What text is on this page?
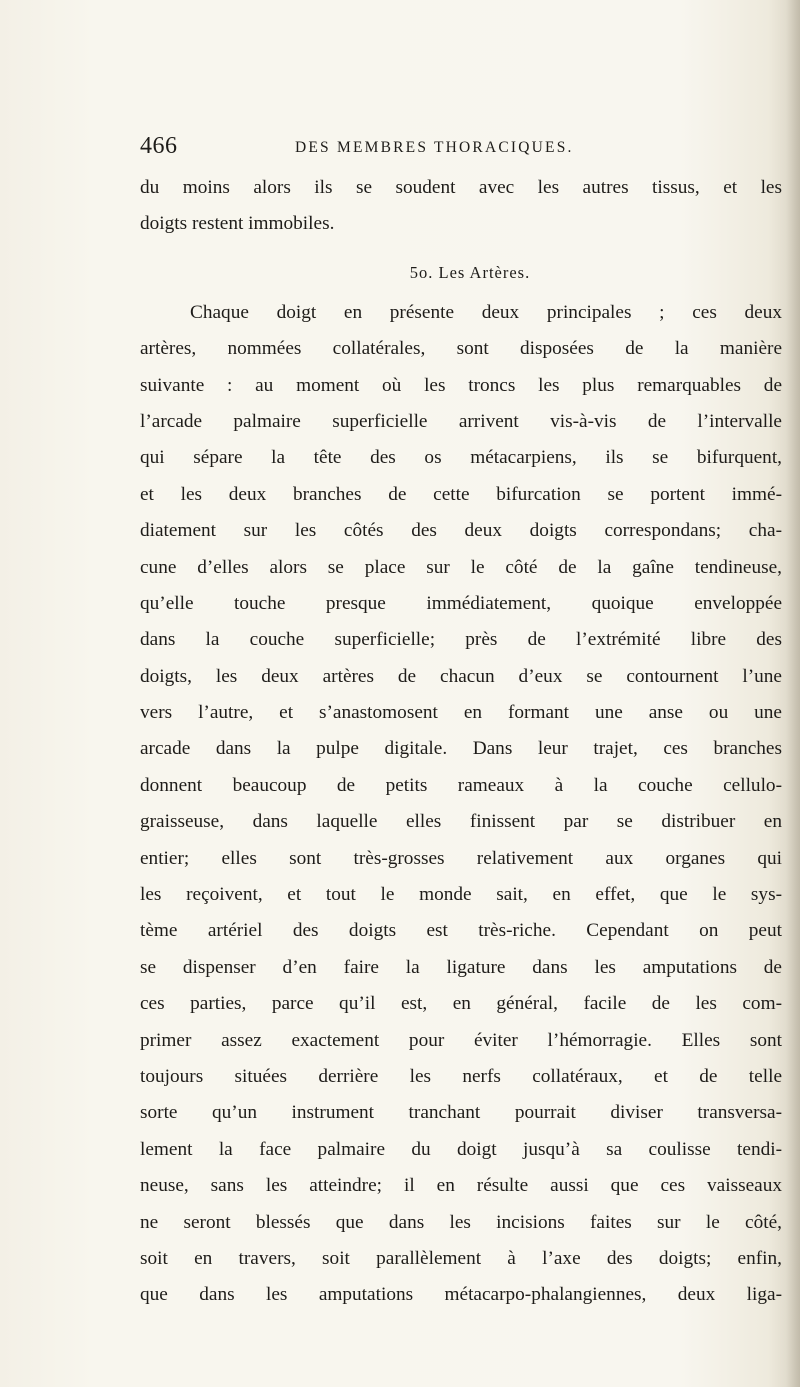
466	DES MEMBRES THORACIQUES.
du moins alors ils se soudent avec les autres tissus, et les
doigts restent immobiles.
5o. Les Artères.
Chaque doigt en présente deux principales ; ces deux
artères, nommées collatérales, sont disposées de la manière
suivante : au moment où les troncs les plus remarquables de
l’arcade palmaire superficielle arrivent vis-à-vis de l’intervalle
qui sépare la tête des os métacarpiens, ils se bifurquent,
et les deux branches de cette bifurcation se portent immé-
diatement sur les côtés des deux doigts correspondans; cha-
cune d’elles alors se place sur le côté de la gaîne tendineuse,
qu’elle touche presque immédiatement, quoique enveloppée
dans la couche superficielle; près de l’extrémité libre des
doigts, les deux artères de chacun d’eux se contournent l’une
vers l’autre, et s’anastomosent en formant une anse ou une
arcade dans la pulpe digitale. Dans leur trajet, ces branches
donnent beaucoup de petits rameaux à la couche cellulo-
graisseuse, dans laquelle elles finissent par se distribuer en
entier; elles sont très-grosses relativement aux organes qui
les reçoivent, et tout le monde sait, en effet, que le sys-
tème artériel des doigts est très-riche. Cependant on peut
se dispenser d’en faire la ligature dans les amputations de
ces parties, parce qu’il est, en général, facile de les com-
primer assez exactement pour éviter l’hémorragie. Elles sont
toujours situées derrière les nerfs collatéraux, et de telle
sorte qu’un instrument tranchant pourrait diviser transversa-
lement la face palmaire du doigt jusqu’à sa coulisse tendi-
neuse, sans les atteindre; il en résulte aussi que ces vaisseaux
ne seront blessés que dans les incisions faites sur le côté,
soit en travers, soit parallèlement à l’axe des doigts; enfin,
que dans les amputations métacarpo-phalangiennes, deux liga-
